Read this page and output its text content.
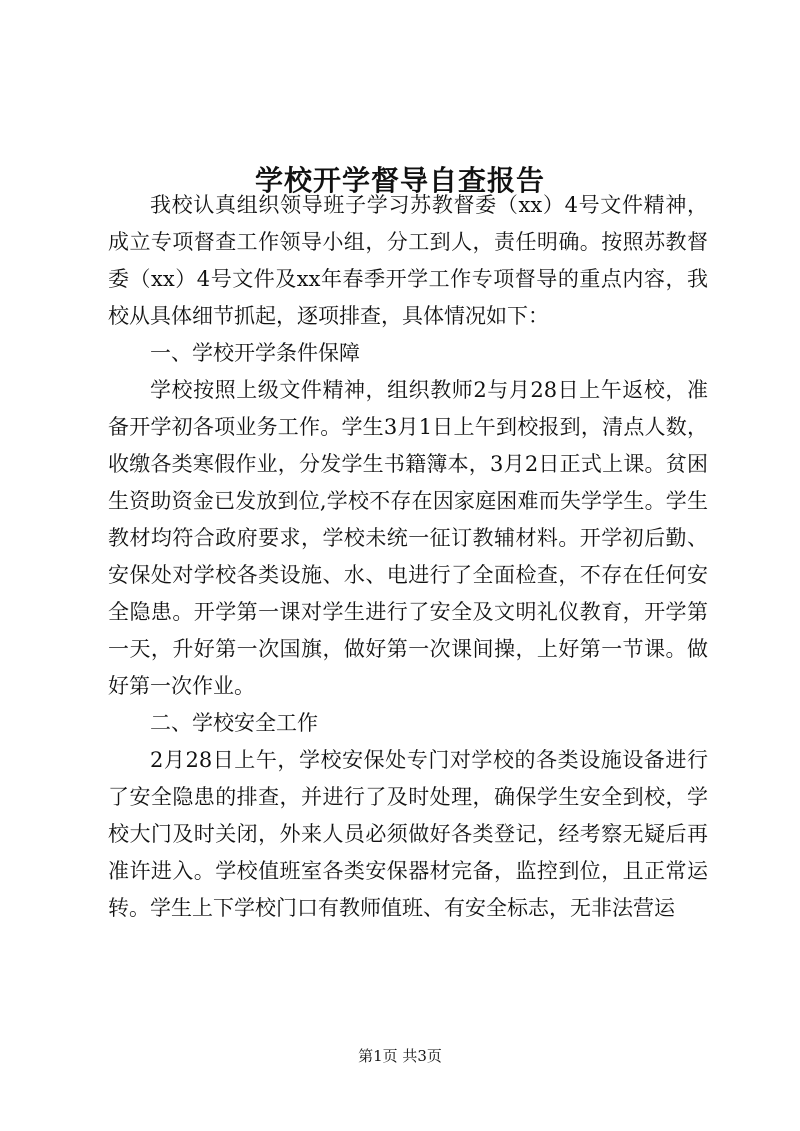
学校开学督导自查报告

我校认真组织领导班子学习苏教督委（xx）4号文件精神，成立专项督查工作领导小组，分工到人，责任明确。按照苏教督委（xx）4号文件及xx年春季开学工作专项督导的重点内容，我校从具体细节抓起，逐项排查，具体情况如下：

一、学校开学条件保障

学校按照上级文件精神，组织教师2与月28日上午返校，准备开学初各项业务工作。学生3月1日上午到校报到，清点人数，收缴各类寒假作业，分发学生书籍簿本，3月2日正式上课。贫困生资助资金已发放到位,学校不存在因家庭困难而失学学生。学生教材均符合政府要求，学校未统一征订教辅材料。开学初后勤、安保处对学校各类设施、水、电进行了全面检查，不存在任何安全隐患。开学第一课对学生进行了安全及文明礼仪教育，开学第一天，升好第一次国旗，做好第一次课间操，上好第一节课。做好第一次作业。

二、学校安全工作

2月28日上午，学校安保处专门对学校的各类设施设备进行了安全隐患的排查，并进行了及时处理，确保学生安全到校，学校大门及时关闭，外来人员必须做好各类登记，经考察无疑后再准许进入。学校值班室各类安保器材完备，监控到位，且正常运转。学生上下学校门口有教师值班、有安全标志，无非法营运

第1页 共3页
